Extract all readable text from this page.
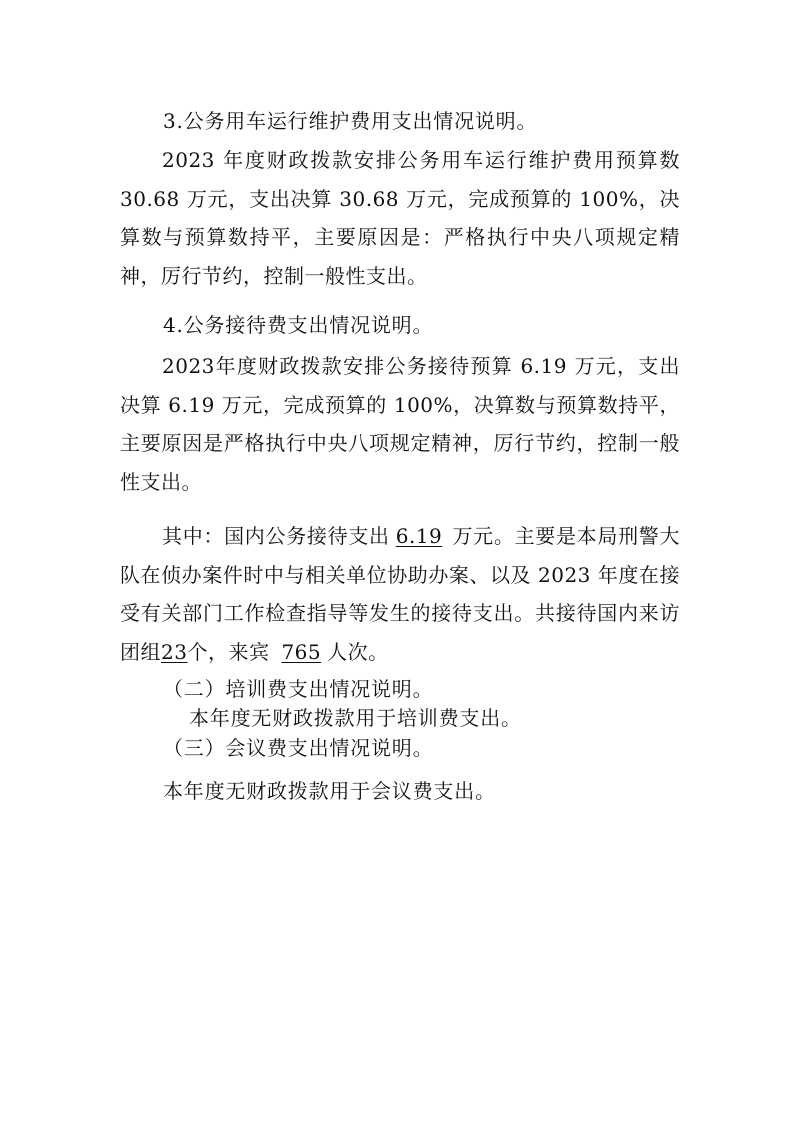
3.公务用车运行维护费用支出情况说明。

2023 年度财政拨款安排公务用车运行维护费用预算数 30.68 万元，支出决算 30.68 万元，完成预算的 100%，决算数与预算数持平，主要原因是：严格执行中央八项规定精神，厉行节约，控制一般性支出。

4.公务接待费支出情况说明。

2023年度财政拨款安排公务接待预算 6.19 万元，支出决算 6.19 万元，完成预算的 100%，决算数与预算数持平，主要原因是严格执行中央八项规定精神，厉行节约，控制一般性支出。

其中：国内公务接待支出 6.19 万元。主要是本局刑警大队在侦办案件时中与相关单位协助办案、以及 2023 年度在接受有关部门工作检查指导等发生的接待支出。共接待国内来访团组23个，来宾 765 人次。

（二）培训费支出情况说明。

本年度无财政拨款用于培训费支出。

（三）会议费支出情况说明。

本年度无财政拨款用于会议费支出。
